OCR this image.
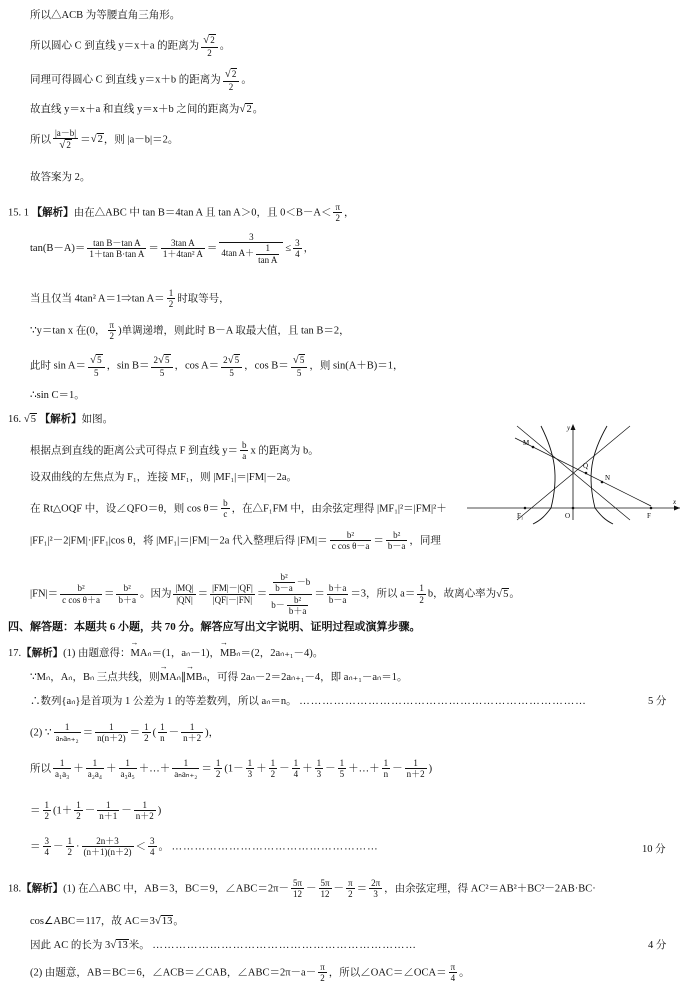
所以△ACB 为等腰直角三角形。
所以圆心 C 到直线 y＝x＋a 的距离为 $\frac{√2}{2}$ 。
同理可得圆心 C 到直线 y＝x＋b 的距离为 $\frac{√2}{2}$ 。
故直线 y＝x＋a 和直线 y＝x＋b 之间的距离为√2。
所以 $\frac{|a-b|}{√2} =√2$，则 |a－b|＝2。
故答案为 2。
15. 1 【解析】由在△ABC 中 tan B＝4tan A 且 tan A＞0，且 $0<B-A< \frac{\pi}{2}$ ，
$\tan(B-A)= \frac{\text{tan B－tan A}}{\text{1＋tan B·tan A}} = \frac{\text{3tan A}}{\text{1＋4tan² A}} = \frac{3}{4\tan A+ \frac{1}{\text{tan A}}} \le \frac{3}{4}$ ，
当且仅当 4tan² A＝1⇒tan $A= \frac{1}{2}$ 时取等号，
∵y＝tan x 在(0， $\frac{\pi}{2}$ )单调递增，则此时 B－A 取最大值，且 tan B＝2，
此时 $\sin A= \frac{√5}{5}$ ，$\sin B= \frac{2√5}{5}$ ，$\cos A= \frac{2√5}{5}$ ，$\cos B= \frac{√5}{5}$ ，则 sin(A＋B)＝1，
∴sin C＝1。
16. √5 【解析】如图。
根据点到直线的距离公式可得点 F 到直线 $y= \frac{b}{a}$ x 的距离为 b。
设双曲线的左焦点为 F₁，连接 MF₁，则 |MF₁|＝|FM|－2a。
在 Rt△OQF 中，设∠QFO＝θ，则 $\cos \theta= \frac{b}{c}$ ，在△F₁FM 中，由余弦定理得 |MF₁|²＝|FM|²＋
|FF₁|²－2|FM|·|FF₁|cos θ，将 |MF₁|＝|FM|－2a 代入整理后得 $|FM|= \frac{\text{b²}}{\text{c cos θ－a}} = \frac{\text{b²}}{b-a}$ ，同理
$|FN|= \frac{\text{b²}}{\text{c cos θ＋a}} = \frac{\text{b²}}{b+a}$ 。因为 $\frac{|MQ|}{|QN|} = \frac{|FM|-|QF|}{|QF|-|FN|} = \frac{\frac{\text{b²}}{b-a} -b}{b- \frac{\text{b²}}{b+a}} = \frac{b+a}{b-a} =3$，所以 $a= \frac{1}{2}$ b，故离心率为√5。
y
M
Q
N
F₁	O	F
x
四、解答题：本题共 6 小题，共 70 分。解答应写出文字说明、证明过程或演算步骤。
17.【解析】(1) 由题意得：MAₙ →＝(1，aₙ－1)，MBₙ →＝(2，2aₙ₊₁－4)。
∵Mₙ，Aₙ，Bₙ 三点共线，则MAₙ →∥MBₙ →，可得 2aₙ－2＝2aₙ₊₁－4，即 aₙ₊₁－aₙ＝1。
∴数列{aₙ}是首项为 1 公差为 1 的等差数列，所以 aₙ＝n。 …………………………………………………………………	5 分
(2) ∵ $\frac{1}{\text{aₙaₙ₊₂}} = \frac{1}{n(n+2)} = \frac{1}{2}$ ( $\frac{1}{n} - \frac{1}{n+2}$ )，
所以 $\frac{1}{\text{a₁a₃}} + \frac{1}{\text{a₂a₄}} + \frac{1}{\text{a₃a₅}}$ ＋…＋ $\frac{1}{\text{aₙaₙ₊₂}} = \frac{1}{2} (1- \frac{1}{3} + \frac{1}{2} - \frac{1}{4} + \frac{1}{3} - \frac{1}{5}$ ＋…＋ $\frac{1}{n} - \frac{1}{n+2}$ )
＝ $\frac{1}{2} (1+ \frac{1}{2} - \frac{1}{n+1} - \frac{1}{n+2}$ )
＝ $\frac{3}{4} - \frac{1}{2} \cdot \frac{2n+3}{(n+1)(n+2)} < \frac{3}{4}$ 。 ………………………………………………	10 分
18.【解析】(1) 在△ABC 中，AB＝3，BC＝9，∠ABC＝2π－ $\frac{5\pi}{12} - \frac{5\pi}{12} - \frac{\pi}{2} = \frac{2\pi}{3}$ ，由余弦定理，得 AC²＝AB²＋BC²－2AB·BC·
cos∠ABC＝117，故 AC＝3√13。
因此 AC 的长为 3√13米。 ……………………………………………………………	4 分
(2) 由题意，AB＝BC＝6，∠ACB＝∠CAB，∠ABC＝2π－a－ $\frac{\pi}{2}$ ，所以∠OAC＝∠OCA＝ $\frac{\pi}{4}$ 。
